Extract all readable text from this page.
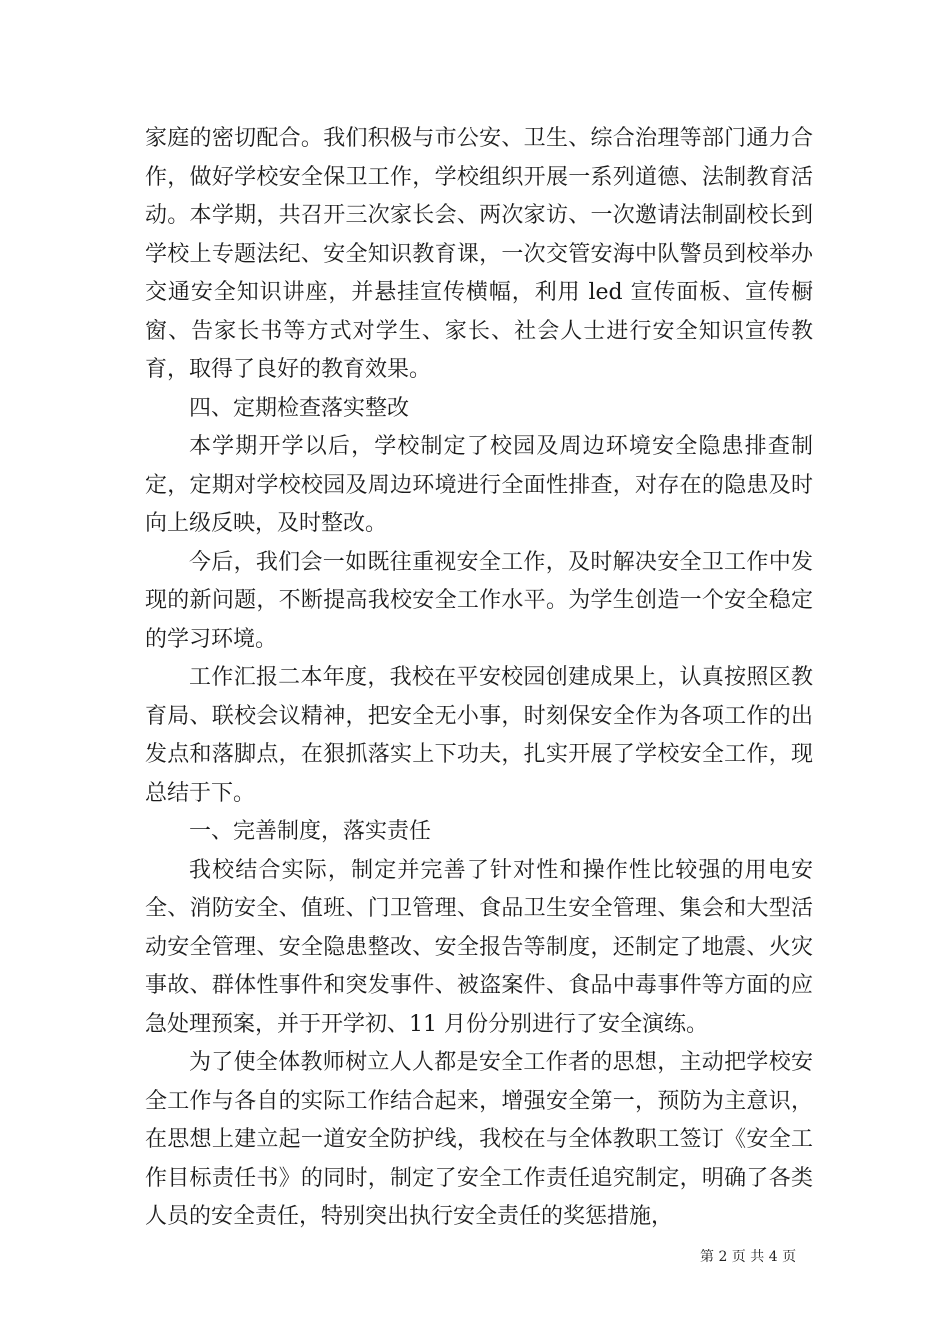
家庭的密切配合。我们积极与市公安、卫生、综合治理等部门通力合作，做好学校安全保卫工作，学校组织开展一系列道德、法制教育活动。本学期，共召开三次家长会、两次家访、一次邀请法制副校长到学校上专题法纪、安全知识教育课，一次交管安海中队警员到校举办交通安全知识讲座，并悬挂宣传横幅，利用 led 宣传面板、宣传橱窗、告家长书等方式对学生、家长、社会人士进行安全知识宣传教育，取得了良好的教育效果。

四、定期检查落实整改

本学期开学以后，学校制定了校园及周边环境安全隐患排查制定，定期对学校校园及周边环境进行全面性排查，对存在的隐患及时向上级反映，及时整改。

今后，我们会一如既往重视安全工作，及时解决安全卫工作中发现的新问题，不断提高我校安全工作水平。为学生创造一个安全稳定的学习环境。

工作汇报二本年度，我校在平安校园创建成果上，认真按照区教育局、联校会议精神，把安全无小事，时刻保安全作为各项工作的出发点和落脚点，在狠抓落实上下功夫，扎实开展了学校安全工作，现总结于下。

一、完善制度，落实责任

我校结合实际，制定并完善了针对性和操作性比较强的用电安全、消防安全、值班、门卫管理、食品卫生安全管理、集会和大型活动安全管理、安全隐患整改、安全报告等制度，还制定了地震、火灾事故、群体性事件和突发事件、被盗案件、食品中毒事件等方面的应急处理预案，并于开学初、11 月份分别进行了安全演练。

为了使全体教师树立人人都是安全工作者的思想，主动把学校安全工作与各自的实际工作结合起来，增强安全第一，预防为主意识，在思想上建立起一道安全防护线，我校在与全体教职工签订《安全工作目标责任书》的同时，制定了安全工作责任追究制定，明确了各类人员的安全责任，特别突出执行安全责任的奖惩措施，

第 2 页 共 4 页
